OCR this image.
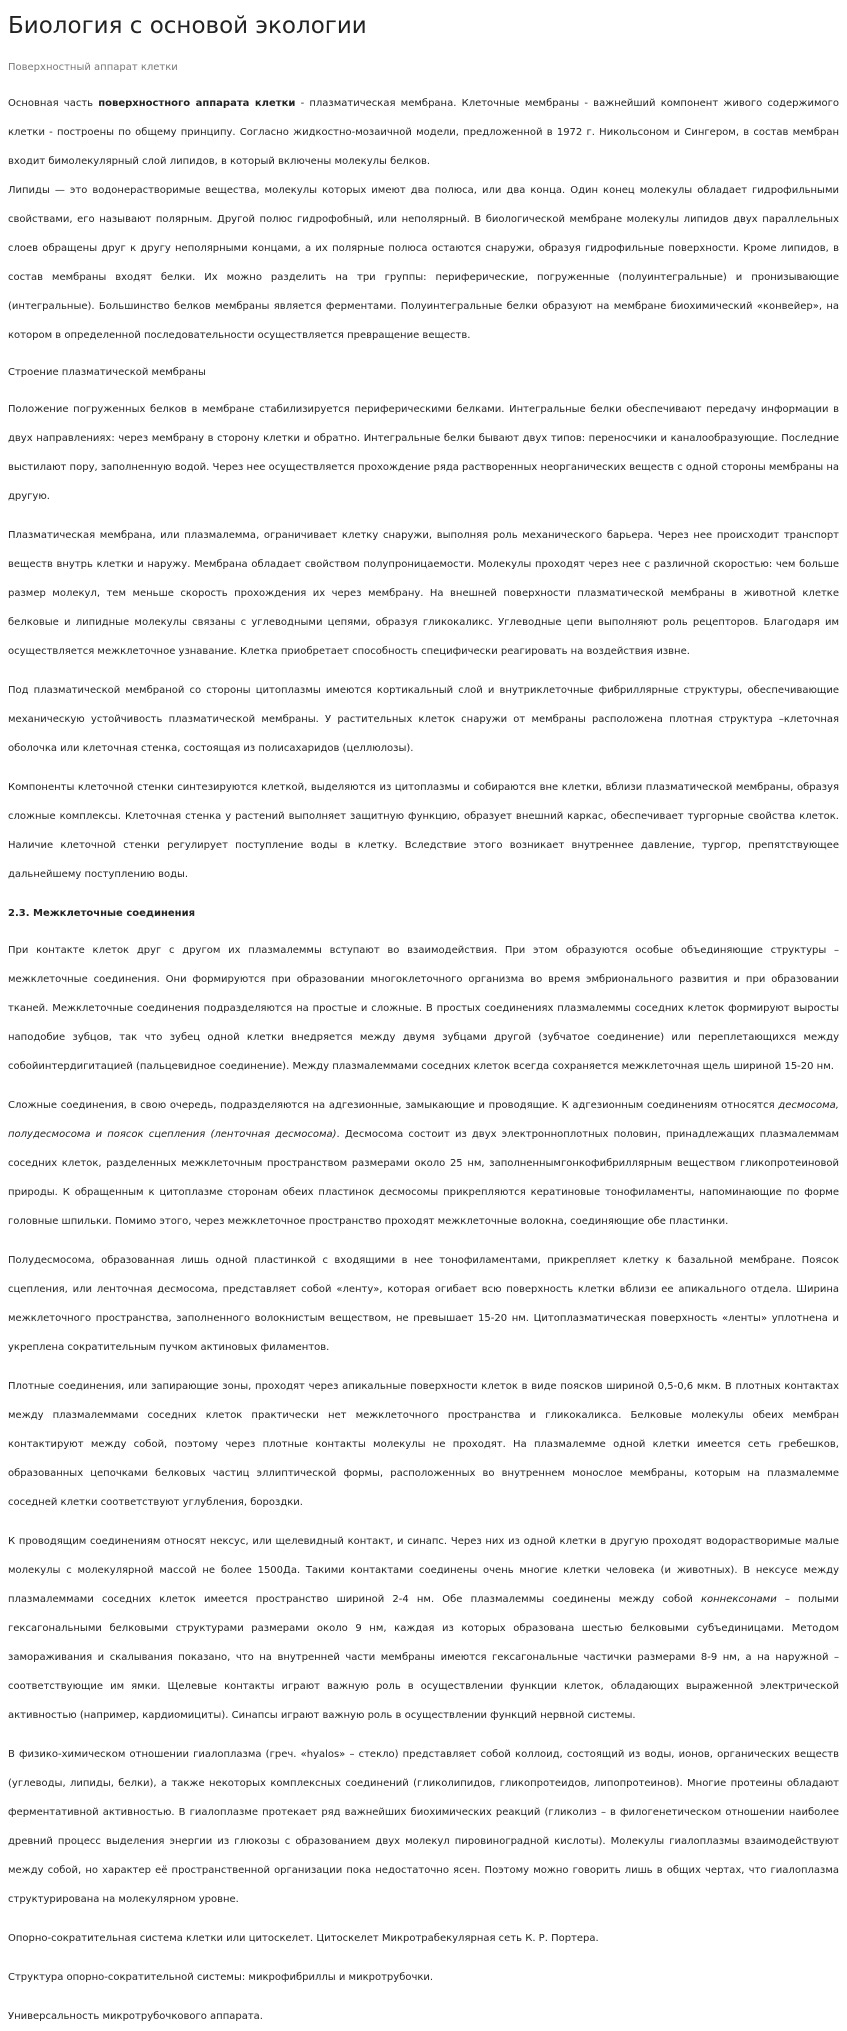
Биология с основой экологии
Поверхностный аппарат клетки

Основная часть поверхностного аппарата клетки - плазматическая мембрана. Клеточные мембраны - важнейший компонент живого содержимого клетки - построены по общему принципу. Согласно жидкостно-мозаичной модели, предложенной в 1972 г. Никольсоном и Сингером, в состав мембран входит бимолекулярный слой липидов, в который включены молекулы белков.

Липиды — это водонерастворимые вещества, молекулы которых имеют два полюса, или два конца. Один конец молекулы обладает гидрофильными свойствами, его называют полярным. Другой полюс гидрофобный, или неполярный. В биологической мембране молекулы липидов двух параллельных слоев обращены друг к другу неполярными концами, а их полярные полюса остаются снаружи, образуя гидрофильные поверхности. Кроме липидов, в состав мембраны входят белки. Их можно разделить на три группы: периферические, погруженные (полуинтегральные) и пронизывающие (интегральные). Большинство белков мембраны является ферментами. Полуинтегральные белки образуют на мембране биохимический «конвейер», на котором в определенной последовательности осуществляется превращение веществ.

Строение плазматической мембраны

Положение погруженных белков в мембране стабилизируется периферическими белками. Интегральные белки обеспечивают передачу информации в двух направлениях: через мембрану в сторону клетки и обратно. Интегральные белки бывают двух типов: переносчики и каналообразующие. Последние выстилают пору, заполненную водой. Через нее осуществляется прохождение ряда растворенных неорганических веществ с одной стороны мембраны на другую.

Плазматическая мембрана, или плазмалемма, ограничивает клетку снаружи, выполняя роль механического барьера. Через нее происходит транспорт веществ внутрь клетки и наружу. Мембрана обладает свойством полупроницаемости. Молекулы проходят через нее с различной скоростью: чем больше размер молекул, тем меньше скорость прохождения их через мембрану. На внешней поверхности плазматической мембраны в животной клетке белковые и липидные молекулы связаны с углеводными цепями, образуя гликокаликс. Углеводные цепи выполняют роль рецепторов. Благодаря им осуществляется межклеточное узнавание. Клетка приобретает способность специфически реагировать на воздействия извне.

Под плазматической мембраной со стороны цитоплазмы имеются кортикальный слой и внутриклеточные фибриллярные структуры, обеспечивающие механическую устойчивость плазматической мембраны. У растительных клеток снаружи от мембраны расположена плотная структура –клеточная оболочка или клеточная стенка, состоящая из полисахаридов (целлюлозы).

Компоненты клеточной стенки синтезируются клеткой, выделяются из цитоплазмы и собираются вне клетки, вблизи плазматической мембраны, образуя сложные комплексы. Клеточная стенка у растений выполняет защитную функцию, образует внешний каркас, обеспечивает тургорные свойства клеток. Наличие клеточной стенки регулирует поступление воды в клетку. Вследствие этого возникает внутреннее давление, тургор, препятствующее дальнейшему поступлению воды.

2.3. Межклеточные соединения

При контакте клеток друг с другом их плазмалеммы вступают во взаимодействия. При этом образуются особые объединяющие структуры – межклеточные соединения. Они формируются при образовании многоклеточного организма во время эмбрионального развития и при образовании тканей. Межклеточные соединения подразделяются на простые и сложные. В простых соединениях плазмалеммы соседних клеток формируют выросты наподобие зубцов, так что зубец одной клетки внедряется между двумя зубцами другой (зубчатое соединение) или переплетающихся между собойинтердигитацией (пальцевидное соединение). Между плазмалеммами соседних клеток всегда сохраняется межклеточная щель шириной 15-20 нм.

Сложные соединения, в свою очередь, подразделяются на адгезионные, замыкающие и проводящие. К адгезионным соединениям относятся десмосома, полудесмосома и поясок сцепления (ленточная десмосома). Десмосома состоит из двух электронноплотных половин, принадлежащих плазмалеммам соседних клеток, разделенных межклеточным пространством размерами около 25 нм, заполненнымгонкофибриллярным веществом гликопротеиновой природы. К обращенным к цитоплазме сторонам обеих пластинок десмосомы прикрепляются кератиновые тонофиламенты, напоминающие по форме головные шпильки. Помимо этого, через межклеточное пространство проходят межклеточные волокна, соединяющие обе пластинки.

Полудесмосома, образованная лишь одной пластинкой с входящими в нее тонофиламентами, прикрепляет клетку к базальной мембране. Поясок сцепления, или ленточная десмосома, представляет собой «ленту», которая огибает всю поверхность клетки вблизи ее апикального отдела. Ширина межклеточного пространства, заполненного волокнистым веществом, не превышает 15-20 нм. Цитоплазматическая поверхность «ленты» уплотнена и укреплена сократительным пучком актиновых филаментов.

Плотные соединения, или запирающие зоны, проходят через апикальные поверхности клеток в виде поясков шириной 0,5-0,6 мкм. В плотных контактах между плазмалеммами соседних клеток практически нет межклеточного пространства и гликокаликса. Белковые молекулы обеих мембран контактируют между собой, поэтому через плотные контакты молекулы не проходят. На плазмалемме одной клетки имеется сеть гребешков, образованных цепочками белковых частиц эллиптической формы, расположенных во внутреннем монослое мембраны, которым на плазмалемме соседней клетки соответствуют углубления, бороздки.

К проводящим соединениям относят нексус, или щелевидный контакт, и синапс. Через них из одной клетки в другую проходят водорастворимые малые молекулы с молекулярной массой не более 1500Да. Такими контактами соединены очень многие клетки человека (и животных). В нексусе между плазмалеммами соседних клеток имеется пространство шириной 2-4 нм. Обе плазмалеммы соединены между собой коннексонами – полыми гексагональными белковыми структурами размерами около 9 нм, каждая из которых образована шестью белковыми субъединицами. Методом замораживания и скалывания показано, что на внутренней части мембраны имеются гексагональные частички размерами 8-9 нм, а на наружной – соответствующие им ямки. Щелевые контакты играют важную роль в осуществлении функции клеток, обладающих выраженной электрической активностью (например, кардиомициты). Синапсы играют важную роль в осуществлении функций нервной системы.

В физико-химическом отношении гиалоплазма (греч. «hyalos» – стекло) представляет собой коллоид, состоящий из воды, ионов, органических веществ (углеводы, липиды, белки), а также некоторых комплексных соединений (гликолипидов, гликопротеидов, липопротеинов). Многие протеины обладают ферментативной активностью. В гиалоплазме протекает ряд важнейших биохимических реакций (гликолиз – в филогенетическом отношении наиболее древний процесс выделения энергии из глюкозы с образованием двух молекул пировиноградной кислоты). Молекулы гиалоплазмы взаимодействуют между собой, но характер её пространственной организации пока недостаточно ясен. Поэтому можно говорить лишь в общих чертах, что гиалоплазма структурирована на молекулярном уровне.

Опорно-сократительная система клетки или цитоскелет. Цитоскелет Микротрабекулярная сеть К. Р. Портера.

Структура опорно-сократительной системы: микрофибриллы и микротрубочки.

Универсальность микротрубочкового аппарата.
